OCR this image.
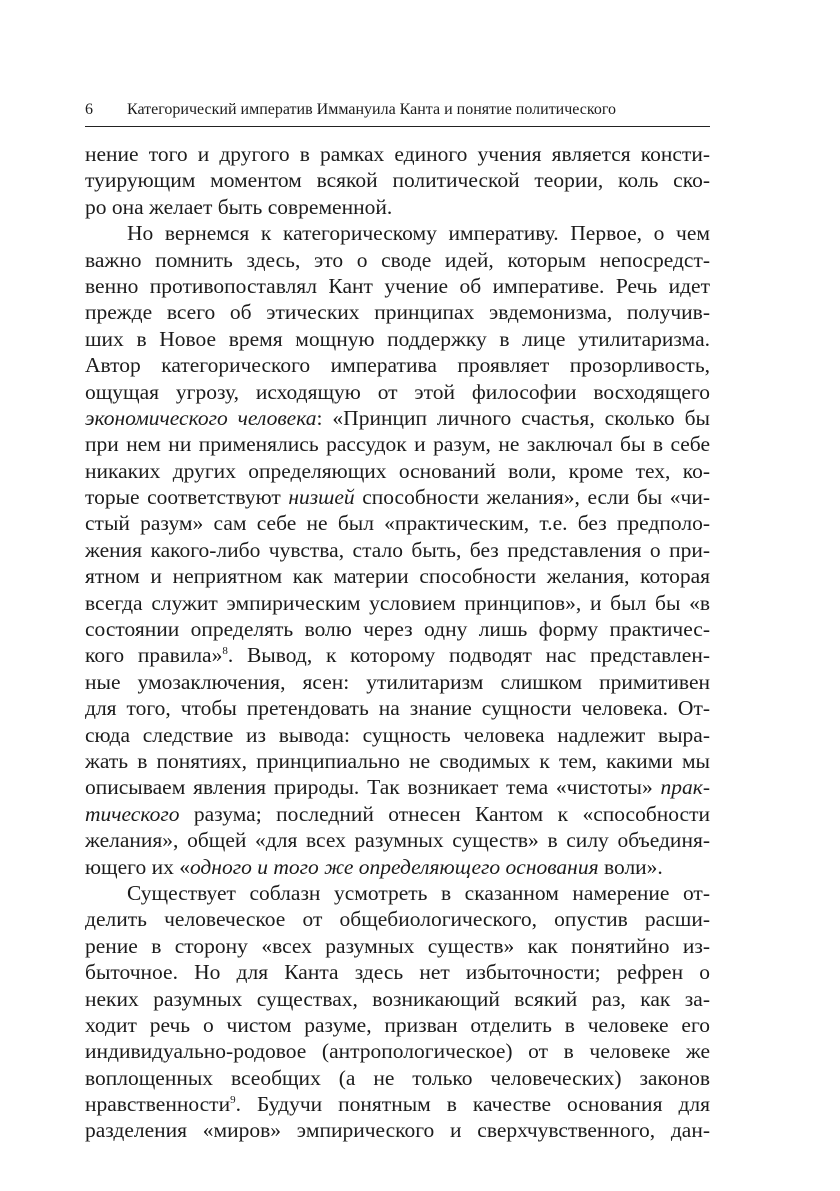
6 Категорический императив Иммануила Канта и понятие политического
нение того и другого в рамках единого учения является консти-
туирующим моментом всякой политической теории, коль ско-
ро она желает быть современной.
Но вернемся к категорическому императиву. Первое, о чем
важно помнить здесь, это о своде идей, которым непосредст-
венно противопоставлял Кант учение об императиве. Речь идет
прежде всего об этических принципах эвдемонизма, получив-
ших в Новое время мощную поддержку в лице утилитаризма.
Автор категорического императива проявляет прозорливость,
ощущая угрозу, исходящую от этой философии восходящего
экономического человека: «Принцип личного счастья, сколько бы
при нем ни применялись рассудок и разум, не заключал бы в себе
никаких других определяющих оснований воли, кроме тех, ко-
торые соответствуют низшей способности желания», если бы «чи-
стый разум» сам себе не был «практическим, т.е. без предполо-
жения какого-либо чувства, стало быть, без представления о при-
ятном и неприятном как материи способности желания, которая
всегда служит эмпирическим условием принципов», и был бы «в
состоянии определять волю через одну лишь форму практичес-
кого правила»$^8$. Вывод, к которому подводят нас представлен-
ные умозаключения, ясен: утилитаризм слишком примитивен
для того, чтобы претендовать на знание сущности человека. От-
сюда следствие из вывода: сущность человека надлежит выра-
жать в понятиях, принципиально не сводимых к тем, какими мы
описываем явления природы. Так возникает тема «чистоты» прак-
тического разума; последний отнесен Кантом к «способности
желания», общей «для всех разумных существ» в силу объединя-
ющего их «одного и того же определяющего основания воли».
Существует соблазн усмотреть в сказанном намерение от-
делить человеческое от общебиологического, опустив расши-
рение в сторону «всех разумных существ» как понятийно из-
быточное. Но для Канта здесь нет избыточности; рефрен о
неких разумных существах, возникающий всякий раз, как за-
ходит речь о чистом разуме, призван отделить в человеке его
индивидуально-родовое (антропологическое) от в человеке же
воплощенных всеобщих (а не только человеческих) законов
нравственности$^9$. Будучи понятным в качестве основания для
разделения «миров» эмпирического и сверхчувственного, дан-
